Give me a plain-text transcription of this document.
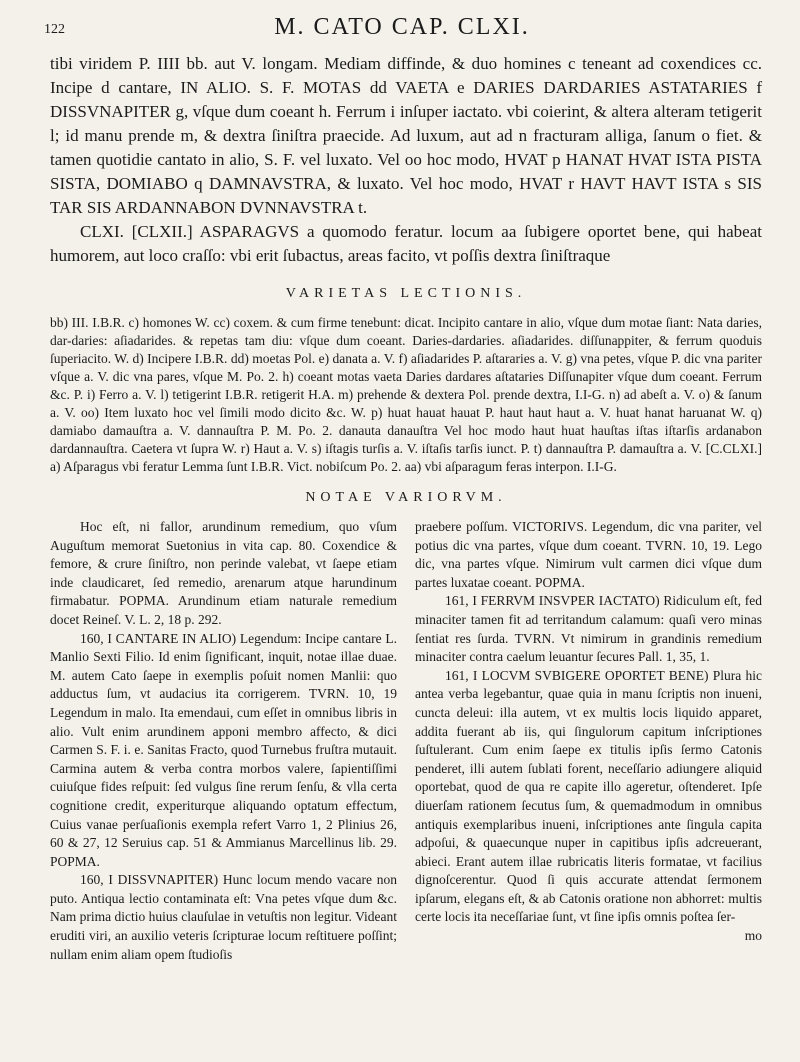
122	M. CATO CAP. CLXI.

tibi viridem P. IIII bb. aut V. longam. Mediam diffinde, & duo homines c teneant ad coxendices cc. Incipe d cantare, IN ALIO. S. F. MOTAS dd VAETA e DARIES DARDARIES ASTATARIES f DISSVNAPITER g, vſque dum coeant h. Ferrum i inſuper iactato. vbi coierint, & altera alteram tetigerit l; id manu prende m, & dextra ſiniſtra praecide. Ad luxum, aut ad n fracturam alliga, ſanum o fiet. & tamen quotidie cantato in alio, S. F. vel luxato. Vel oo hoc modo, HVAT p HANAT HVAT ISTA PISTA SISTA, DOMIABO q DAMNAVSTRA, & luxato. Vel hoc modo, HVAT r HAVT HAVT ISTA s SIS TAR SIS ARDANNABON DVNNAVSTRA t.

CLXI. [CLXII.] ASPARAGVS a quomodo feratur. locum aa ſubigere oportet bene, qui habeat humorem, aut loco craſſo: vbi erit ſubactus, areas facito, vt poſſis dextra ſiniſtraque

VARIETAS LECTIONIS.
bb) III. I.B.R. c) homones W. cc) coxem. & cum firme tenebunt: dicat. Incipito cantare in alio, vſque dum motae ſiant: Nata daries, dar-daries: aſiadarides. & repetas tam diu: vſque dum coeant. Daries-dardaries. aſiadarides. diſſunappiter, & ferrum quoduis ſuperiacito. W. d) Incipere I.B.R. dd) moetas Pol. e) danata a. V. f) aſiadarides P. aſtararies a. V. g) vna petes, vſque P. dic vna pariter vſque a. V. dic vna pares, vſque M. Po. 2. h) coeant motas vaeta Daries dardares aſtataries Diſſunapiter vſque dum coeant. Ferrum &c. P. i) Ferro a. V. l) tetigerint I.B.R. retigerit H.A. m) prehende & dextera Pol. prende dextra, I.I-G. n) ad abeſt a. V. o) & ſanum a. V. oo) Item luxato hoc vel ſimili modo dicito &c. W. p) huat hauat hauat P. haut haut haut a. V. huat hanat haruanat W. q) damiabo damauſtra a. V. dannauſtra P. M. Po. 2. danauta danauſtra Vel hoc modo haut huat hauſtas iſtas iſtarſis ardanabon dardannauſtra. Caetera vt ſupra W. r) Haut a. V. s) iſtagis turſis a. V. iſtaſis tarſis iunct. P. t) dannauſtra P. damauſtra a. V. [C.CLXI.] a) Aſparagus vbi feratur Lemma ſunt I.B.R. Vict. nobiſcum Po. 2. aa) vbi aſparagum feras interpon. I.I-G.
NOTAE VARIORVM.

Hoc eſt, ni fallor, arundinum remedium, quo vſum Auguſtum memorat Suetonius in vita cap. 80. Coxendice & femore, & crure ſiniſtro, non perinde valebat, vt ſaepe etiam inde claudicaret, ſed remedio, arenarum atque harundinum firmabatur. POPMA. Arundinum etiam naturale remedium docet Reineſ. V. L. 2, 18 p. 292.

160, I CANTARE IN ALIO) Legendum: Incipe cantare L. Manlio Sexti Filio. Id enim ſignificant, inquit, notae illae duae. M. autem Cato ſaepe in exemplis poſuit nomen Manlii: quo adductus ſum, vt audacius ita corrigerem. TVRN. 10, 19 Legendum in malo. Ita emendaui, cum eſſet in omnibus libris in alio. Vult enim arundinem apponi membro affecto, & dici Carmen S. F. i. e. Sanitas Fracto, quod Turnebus fruſtra mutauit. Carmina autem & verba contra morbos valere, ſapientiſſimi cuiuſque fides reſpuit: ſed vulgus ſine rerum ſenſu, & vlla certa cognitione credit, experiturque aliquando optatum effectum, Cuius vanae perſuaſionis exempla refert Varro 1, 2 Plinius 26, 60 & 27, 12 Seruius cap. 51 & Ammianus Marcellinus lib. 29. POPMA.

160, I DISSVNAPITER) Hunc locum mendo vacare non puto. Antiqua lectio contaminata eſt: Vna petes vſque dum &c. Nam prima dictio huius clauſulae in vetuſtis non legitur. Videant eruditi viri, an auxilio veteris ſcripturae locum reſtituere poſſint; nullam enim aliam opem ſtudioſis

praebere poſſum. VICTORIVS. Legendum, dic vna pariter, vel potius dic vna partes, vſque dum coeant. TVRN. 10, 19. Lego dic, vna partes vſque. Nimirum vult carmen dici vſque dum partes luxatae coeant. POPMA.

161, I FERRVM INSVPER IACTATO) Ridiculum eſt, fed minaciter tamen fit ad territandum calamum: quaſi vero minas ſentiat res ſurda. TVRN. Vt nimirum in grandinis remedium minaciter contra caelum leuantur ſecures Pall. 1, 35, 1.

161, I LOCVM SVBIGERE OPORTET BENE) Plura hic antea verba legebantur, quae quia in manu ſcriptis non inueni, cuncta deleui: illa autem, vt ex multis locis liquido apparet, addita fuerant ab iis, qui ſingulorum capitum inſcriptiones ſuſtulerant. Cum enim ſaepe ex titulis ipſis ſermo Catonis penderet, illi autem ſublati forent, neceſſario adiungere aliquid oportebat, quod de qua re capite illo ageretur, oſtenderet. Ipſe diuerſam rationem ſecutus ſum, & quemadmodum in omnibus antiquis exemplaribus inueni, inſcriptiones ante ſingula capita adpoſui, & quaecunque nuper in capitibus ipſis adcreuerant, abieci. Erant autem illae rubricatis literis formatae, vt facilius dignoſcerentur. Quod ſi quis accurate attendat ſermonem ipſarum, elegans eſt, & ab Catonis oratione non abhorret: multis certe locis ita neceſſariae ſunt, vt ſine ipſis omnis poſtea ſer-

mo
